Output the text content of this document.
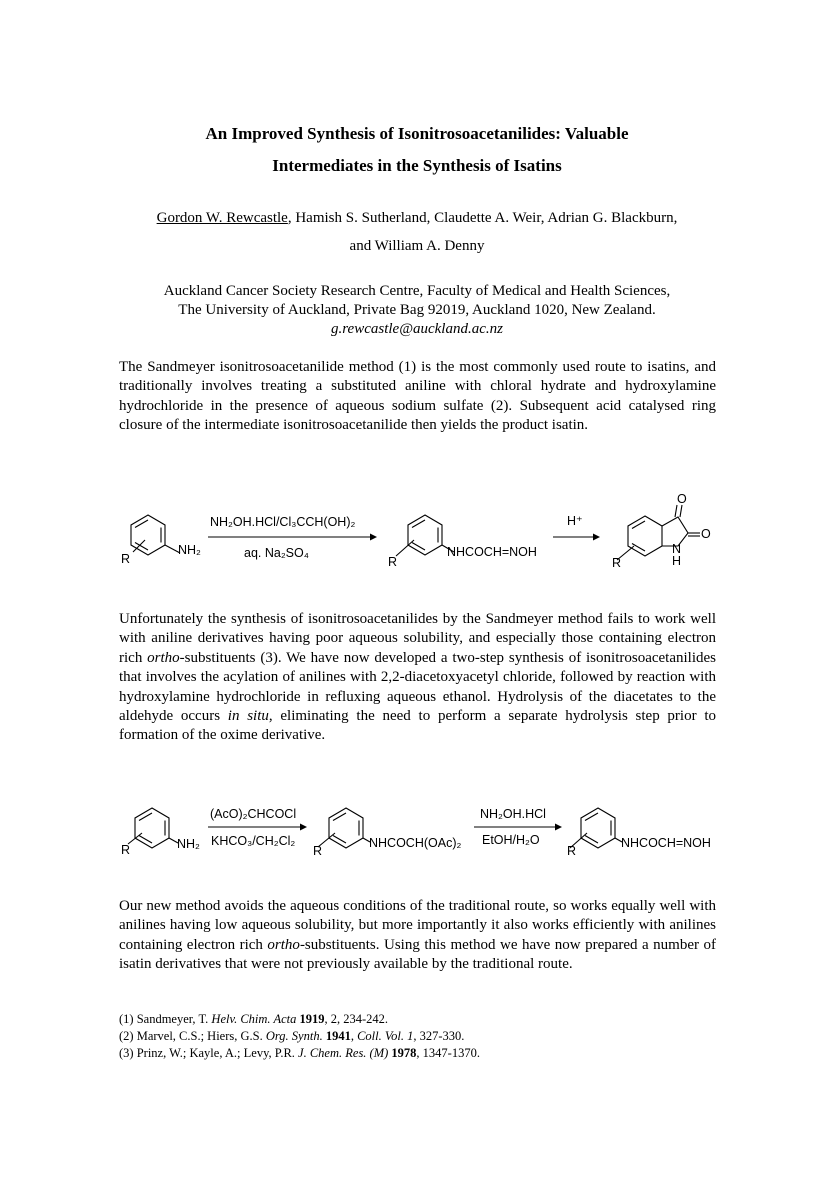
An Improved Synthesis of Isonitrosoacetanilides: Valuable
Intermediates in the Synthesis of Isatins
Gordon W. Rewcastle, Hamish S. Sutherland, Claudette A. Weir, Adrian G. Blackburn,
and William A. Denny
Auckland Cancer Society Research Centre, Faculty of Medical and Health Sciences,
The University of Auckland, Private Bag 92019, Auckland 1020, New Zealand.
g.rewcastle@auckland.ac.nz
The Sandmeyer isonitrosoacetanilide method (1) is the most commonly used route to isatins, and traditionally involves treating a substituted aniline with chloral hydrate and hydroxylamine hydrochloride in the presence of aqueous sodium sulfate (2). Subsequent acid catalysed ring closure of the intermediate isonitrosoacetanilide then yields the product isatin.
R
NH₂
NH₂OH.HCl/Cl₃CCH(OH)₂
aq. Na₂SO₄
R
NHCOCH=NOH
H⁺
R
O
O
N
H
Unfortunately the synthesis of isonitrosoacetanilides by the Sandmeyer method fails to work well with aniline derivatives having poor aqueous solubility, and especially those containing electron rich ortho-substituents (3). We have now developed a two-step synthesis of isonitrosoacetanilides that involves the acylation of anilines with 2,2-diacetoxyacetyl chloride, followed by reaction with hydroxylamine hydrochloride in refluxing aqueous ethanol. Hydrolysis of the diacetates to the aldehyde occurs in situ, eliminating the need to perform a separate hydrolysis step prior to formation of the oxime derivative.
R	NH₂
(AcO)₂CHCOCl
KHCO₃/CH₂Cl₂
R
NHCOCH(OAc)₂
NH₂OH.HCl
EtOH/H₂O
R
NHCOCH=NOH
Our new method avoids the aqueous conditions of the traditional route, so works equally well with anilines having low aqueous solubility, but more importantly it also works efficiently with anilines containing electron rich ortho-substituents. Using this method we have now prepared a number of isatin derivatives that were not previously available by the traditional route.
(1) Sandmeyer, T. Helv. Chim. Acta 1919, 2, 234-242.
(2) Marvel, C.S.; Hiers, G.S. Org. Synth. 1941, Coll. Vol. 1, 327-330.
(3) Prinz, W.; Kayle, A.; Levy, P.R. J. Chem. Res. (M) 1978, 1347-1370.
